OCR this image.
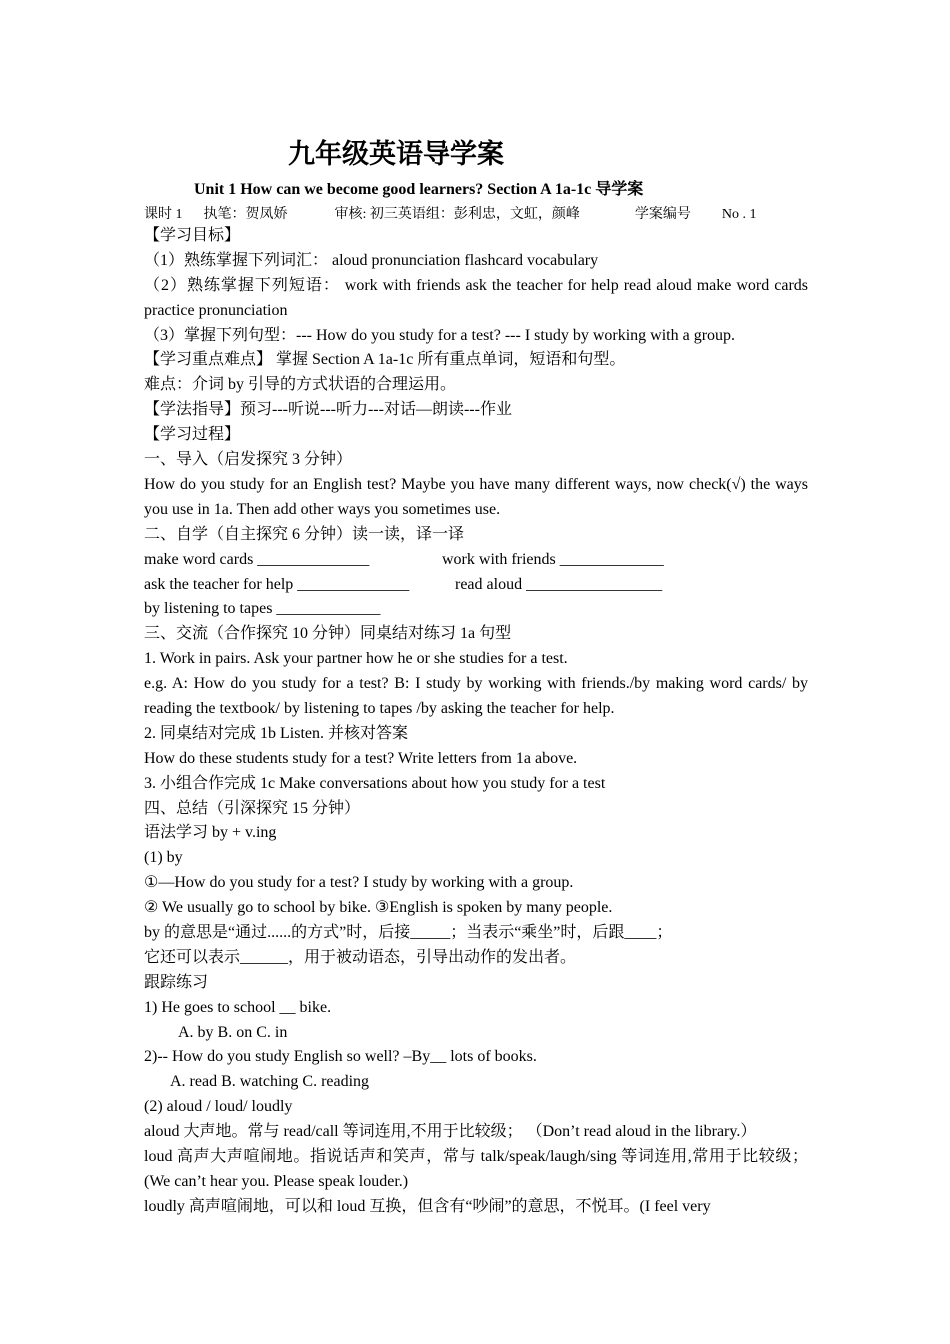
九年级英语导学案
Unit 1 How can we become good learners? Section A 1a-1c 导学案
课时 1 执笔：贺凤娇	审核: 初三英语组：彭利忠，文虹，颜峰	学案编号 No . 1
【学习目标】
（1）熟练掌握下列词汇： aloud pronunciation flashcard vocabulary
（2）熟练掌握下列短语： work with friends ask the teacher for help read aloud make word cards practice pronunciation
（3）掌握下列句型：--- How do you study for a test? --- I study by working with a group.
【学习重点难点】 掌握 Section A 1a-1c 所有重点单词，短语和句型。
难点：介词 by 引导的方式状语的合理运用。
【学法指导】预习---听说---听力---对话—朗读---作业
【学习过程】
一、导入（启发探究 3 分钟）
How do you study for an English test? Maybe you have many different ways, now check(√) the ways you use in 1a. Then add other ways you sometimes use.
二、自学（自主探究 6 分钟）读一读，译一译
make word cards ______________	work with friends _____________
ask the teacher for help ______________	read aloud _________________
by listening to tapes _____________
三、交流（合作探究 10 分钟）同桌结对练习 1a 句型
1. Work in pairs. Ask your partner how he or she studies for a test.
e.g. A: How do you study for a test? B: I study by working with friends./by making word cards/ by reading the textbook/ by listening to tapes /by asking the teacher for help.
2. 同桌结对完成 1b Listen. 并核对答案
How do these students study for a test? Write letters from 1a above.
3. 小组合作完成 1c Make conversations about how you study for a test
四、总结（引深探究 15 分钟）
语法学习 by + v.ing
(1) by
①—How do you study for a test? I study by working with a group.
② We usually go to school by bike. ③English is spoken by many people.
by 的意思是“通过......的方式”时，后接_____；当表示“乘坐”时，后跟____；
它还可以表示______，用于被动语态，引导出动作的发出者。
跟踪练习
1) He goes to school __ bike.
A. by B. on C. in
2)-- How do you study English so well? –By__ lots of books.
A. read B. watching C. reading
(2) aloud / loud/ loudly
aloud 大声地。常与 read/call 等词连用,不用于比较级； （Don’t read aloud in the library.）
loud 高声大声喧闹地。指说话声和笑声，常与 talk/speak/laugh/sing 等词连用,常用于比较级；(We can’t hear you. Please speak louder.)
loudly 高声喧闹地，可以和 loud 互换，但含有“吵闹”的意思，不悦耳。(I feel very
